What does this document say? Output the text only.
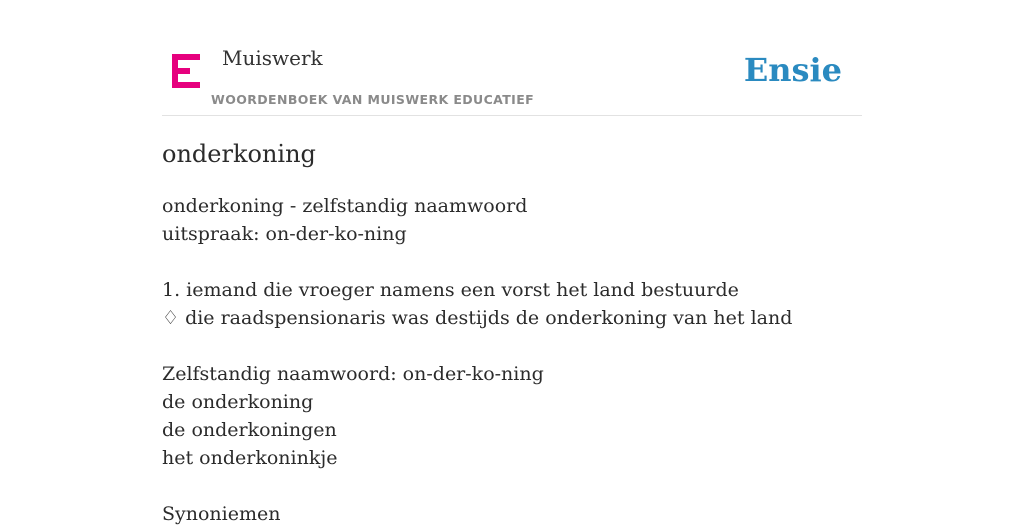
Muiswerk
WOORDENBOEK VAN MUISWERK EDUCATIEF
Ensie
onderkoning
onderkoning - zelfstandig naamwoord
uitspraak: on-der-ko-ning
1. iemand die vroeger namens een vorst het land bestuurde
♢ die raadspensionaris was destijds de onderkoning van het land
Zelfstandig naamwoord: on-der-ko-ning
de onderkoning
de onderkoningen
het onderkoninkje
Synoniemen
